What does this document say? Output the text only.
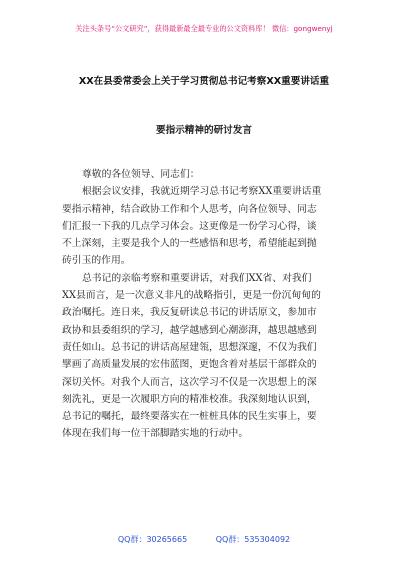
关注头条号“公文研究”，获得最新最全最专业的公文资料库！ 微信：gongwenyj
XX在县委常委会上关于学习贯彻总书记考察XX重要讲话重
要指示精神的研讨发言
尊敬的各位领导、同志们：
根据会议安排，我就近期学习总书记考察XX重要讲话重
要指示精神，结合政协工作和个人思考，向各位领导、同志
们汇报一下我的几点学习体会。这更像是一份学习心得，谈
不上深刻，主要是我个人的一些感悟和思考，希望能起到抛
砖引玉的作用。
总书记的亲临考察和重要讲话，对我们XX省、对我们
XX县而言，是一次意义非凡的战略指引，更是一份沉甸甸的
政治嘱托。连日来，我反复研读总书记的讲话原文，参加市
政协和县委组织的学习，越学越感到心潮澎湃，越思越感到
责任如山。总书记的讲话高屋建瓴，思想深邃，不仅为我们
擘画了高质量发展的宏伟蓝图，更饱含着对基层干部群众的
深切关怀。对我个人而言，这次学习不仅是一次思想上的深
刻洗礼，更是一次履职方向的精准校准。我深刻地认识到，
总书记的嘱托，最终要落实在一桩桩具体的民生实事上，要
体现在我们每一位干部脚踏实地的行动中。
QQ群：30265665	QQ群：535304092
